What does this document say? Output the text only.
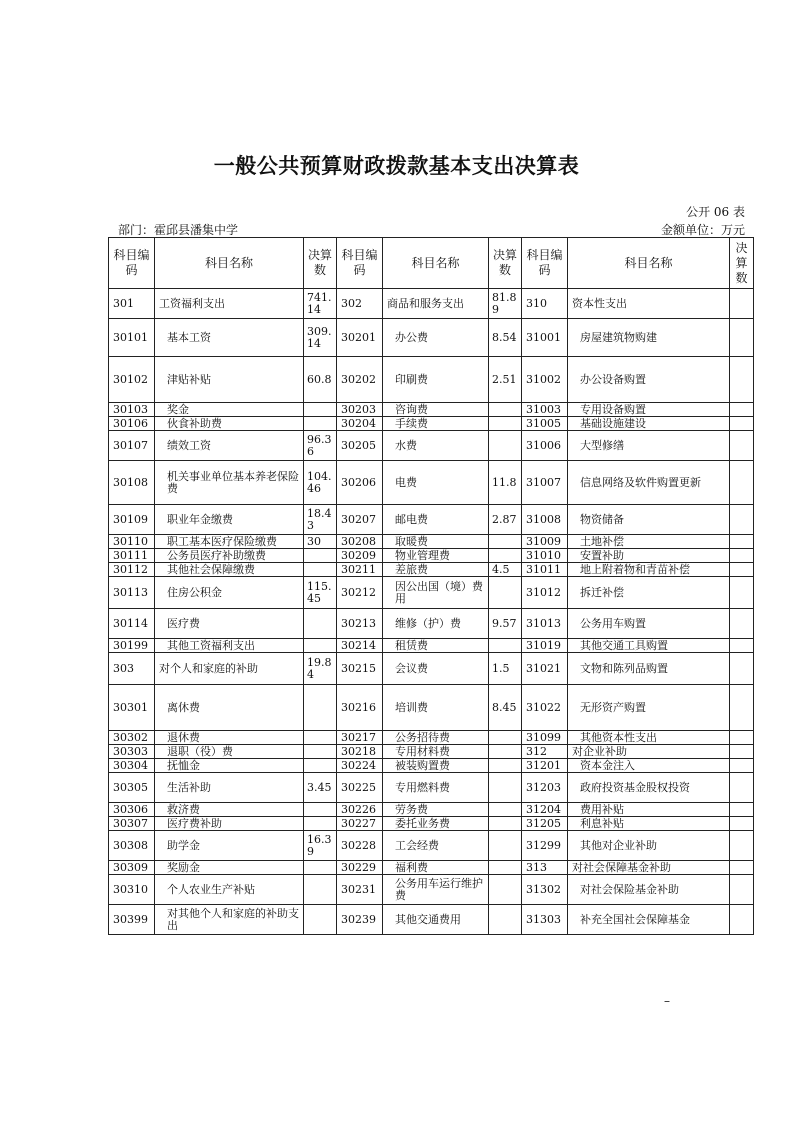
一般公共预算财政拨款基本支出决算表
公开 06 表
部门：霍邱县潘集中学	金额单位：万元
科目编码	科目名称	决算数	科目编码	科目名称	决算数	科目编码	科目名称	决算数
301	工资福利支出	741.14	302	商品和服务支出	81.89	310	资本性支出	
30101	基本工资	309.14	30201	办公费	8.54	31001	房屋建筑物购建	
30102	津贴补贴	60.8	30202	印刷费	2.51	31002	办公设备购置	
30103	奖金		30203	咨询费		31003	专用设备购置	
30106	伙食补助费		30204	手续费		31005	基础设施建设	
30107	绩效工资	96.36	30205	水费		31006	大型修缮	
30108	机关事业单位基本养老保险费	104.46	30206	电费	11.8	31007	信息网络及软件购置更新	
30109	职业年金缴费	18.43	30207	邮电费	2.87	31008	物资储备	
30110	职工基本医疗保险缴费	30	30208	取暖费		31009	土地补偿	
30111	公务员医疗补助缴费		30209	物业管理费		31010	安置补助	
30112	其他社会保障缴费		30211	差旅费	4.5	31011	地上附着物和青苗补偿	
30113	住房公积金	115.45	30212	因公出国（境）费用		31012	拆迁补偿	
30114	医疗费		30213	维修（护）费	9.57	31013	公务用车购置	
30199	其他工资福利支出		30214	租赁费		31019	其他交通工具购置	
303	对个人和家庭的补助	19.84	30215	会议费	1.5	31021	文物和陈列品购置	
30301	离休费		30216	培训费	8.45	31022	无形资产购置	
30302	退休费		30217	公务招待费		31099	其他资本性支出	
30303	退职（役）费		30218	专用材料费		312	对企业补助	
30304	抚恤金		30224	被装购置费		31201	资本金注入	
30305	生活补助	3.45	30225	专用燃料费		31203	政府投资基金股权投资	
30306	救济费		30226	劳务费		31204	费用补贴	
30307	医疗费补助		30227	委托业务费		31205	利息补贴	
30308	助学金	16.39	30228	工会经费		31299	其他对企业补助	
30309	奖励金		30229	福利费		313	对社会保障基金补助	
30310	个人农业生产补贴		30231	公务用车运行维护费		31302	对社会保险基金补助	
30399	对其他个人和家庭的补助支出		30239	其他交通费用		31303	补充全国社会保障基金	
–
